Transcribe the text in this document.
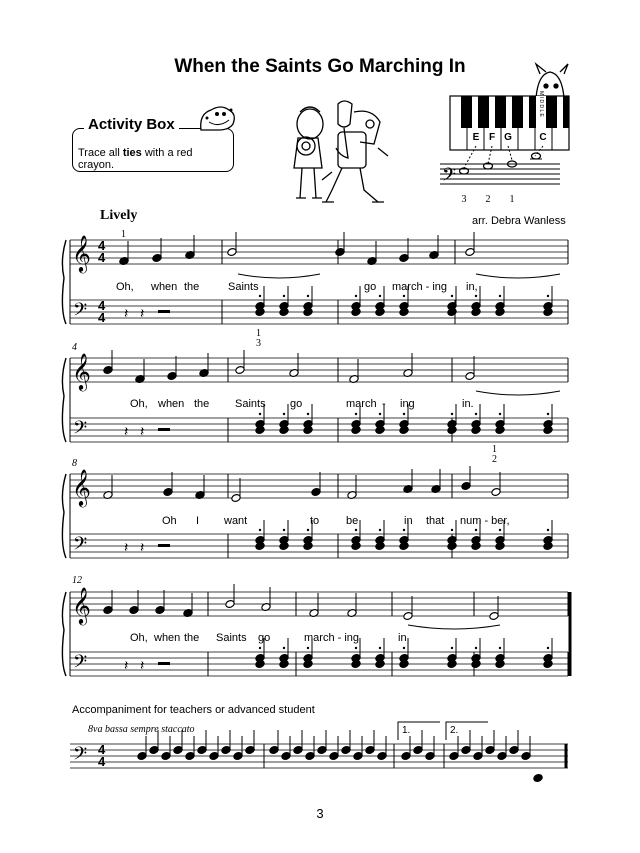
When the Saints Go Marching In
Activity Box
Trace all ties with a red crayon.
M I D D L E
E F G	C
𝄢
3 2 1
Lively	arr. Debra Wanless
𝄞
𝄢
4
4
4
4
𝄞
𝄢
𝄞
𝄢
𝄞
𝄢
𝄽 𝄽
𝄽 𝄽
𝄽 𝄽
𝄽 𝄽
𝄢 4
4
1
1
3
1
2
4
8
12
Oh, when the	Saints	go march - ing in,
Oh, when the Saints go	march - ing	in.
Oh I want	to be	in that num - ber,
Oh, when the Saints go	march - ing	in.
Accompaniment for teachers or advanced student
8va bassa sempre staccato	1.	2.
3
